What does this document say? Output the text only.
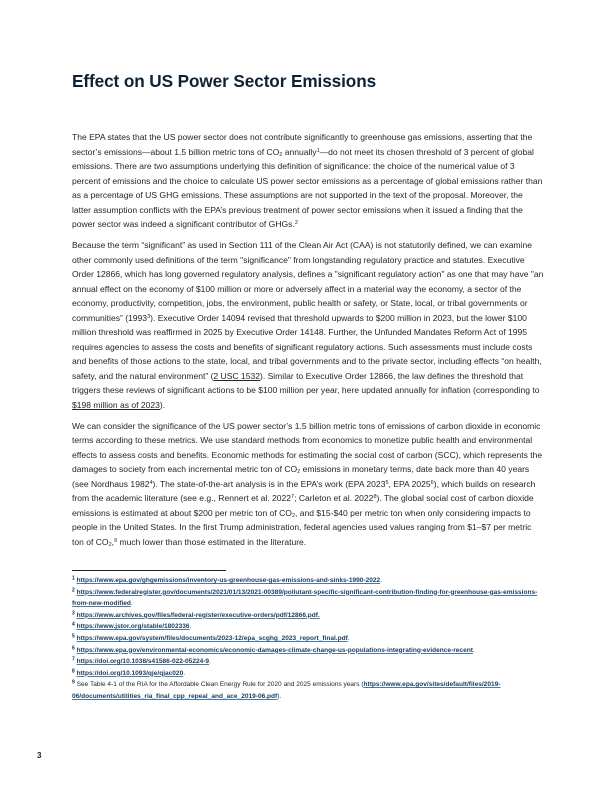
Effect on US Power Sector Emissions

The EPA states that the US power sector does not contribute significantly to greenhouse gas emissions, asserting that the sector’s emissions—about 1.5 billion metric tons of $CO_2$ annually$^1$—do not meet its chosen threshold of 3 percent of global emissions. There are two assumptions underlying this definition of significance: the choice of the numerical value of 3 percent of emissions and the choice to calculate US power sector emissions as a percentage of global emissions rather than as a percentage of US GHG emissions. These assumptions are not supported in the text of the proposal. Moreover, the latter assumption conflicts with the EPA’s previous treatment of power sector emissions when it issued a finding that the power sector was indeed a significant contributor of GHGs.$^2$

Because the term “significant” as used in Section 111 of the Clean Air Act (CAA) is not statutorily defined, we can examine other commonly used definitions of the term "significance" from longstanding regulatory practice and statutes. Executive Order 12866, which has long governed regulatory analysis, defines a "significant regulatory action" as one that may have "an annual effect on the economy of $100 million or more or adversely affect in a material way the economy, a sector of the economy, productivity, competition, jobs, the environment, public health or safety, or State, local, or tribal governments or communities” (1993$^3$). Executive Order 14094 revised that threshold upwards to $200 million in 2023, but the lower $100 million threshold was reaffirmed in 2025 by Executive Order 14148. Further, the Unfunded Mandates Reform Act of 1995 requires agencies to assess the costs and benefits of significant regulatory actions. Such assessments must include costs and benefits of those actions to the state, local, and tribal governments and to the private sector, including effects “on health, safety, and the natural environment” (2 USC 1532). Similar to Executive Order 12866, the law defines the threshold that triggers these reviews of significant actions to be $100 million per year, here updated annually for inflation (corresponding to $198 million as of 2023).

We can consider the significance of the US power sector’s 1.5 billion metric tons of emissions of carbon dioxide in economic terms according to these metrics. We use standard methods from economics to monetize public health and environmental effects to assess costs and benefits. Economic methods for estimating the social cost of carbon (SCC), which represents the damages to society from each incremental metric ton of $CO_2$ emissions in monetary terms, date back more than 40 years (see Nordhaus 1982$^4$). The state-of-the-art analysis is in the EPA’s work (EPA 2023$^5$, EPA 2025$^6$), which builds on research from the academic literature (see e.g., Rennert et al. 2022$^7$; Carleton et al. 2022$^8$). The global social cost of carbon dioxide emissions is estimated at about $200 per metric ton of $CO_2$, and $15-$40 per metric ton when only considering impacts to people in the United States. In the first Trump administration, federal agencies used values ranging from $1–$7 per metric ton of $CO_2,^9$ much lower than those estimated in the literature.

$^1$ https://www.epa.gov/ghgemissions/inventory-us-greenhouse-gas-emissions-and-sinks-1990-2022.

$^2$ https://www.federalregister.gov/documents/2021/01/13/2021-00389/pollutant-specific-significant-contribution-finding-for-greenhouse-gas-emissions-from-new-modified.

$^3$ https://www.archives.gov/files/federal-register/executive-orders/pdf/12866.pdf.

$^4$ https://www.jstor.org/stable/1802336.

$^5$ https://www.epa.gov/system/files/documents/2023-12/epa_scghg_2023_report_final.pdf.

$^6$ https://www.epa.gov/environmental-economics/economic-damages-climate-change-us-populations-integrating-evidence-recent.

$^7$ https://doi.org/10.1038/s41586-022-05224-9.

$^8$ https://doi.org/10.1093/qje/qjac020.

$^9$ See Table 4-1 of the RIA for the Affordable Clean Energy Rule for 2020 and 2025 emissions years (https://www.epa.gov/sites/default/files/2019-06/documents/utilities_ria_final_cpp_repeal_and_ace_2019-06.pdf).

3
